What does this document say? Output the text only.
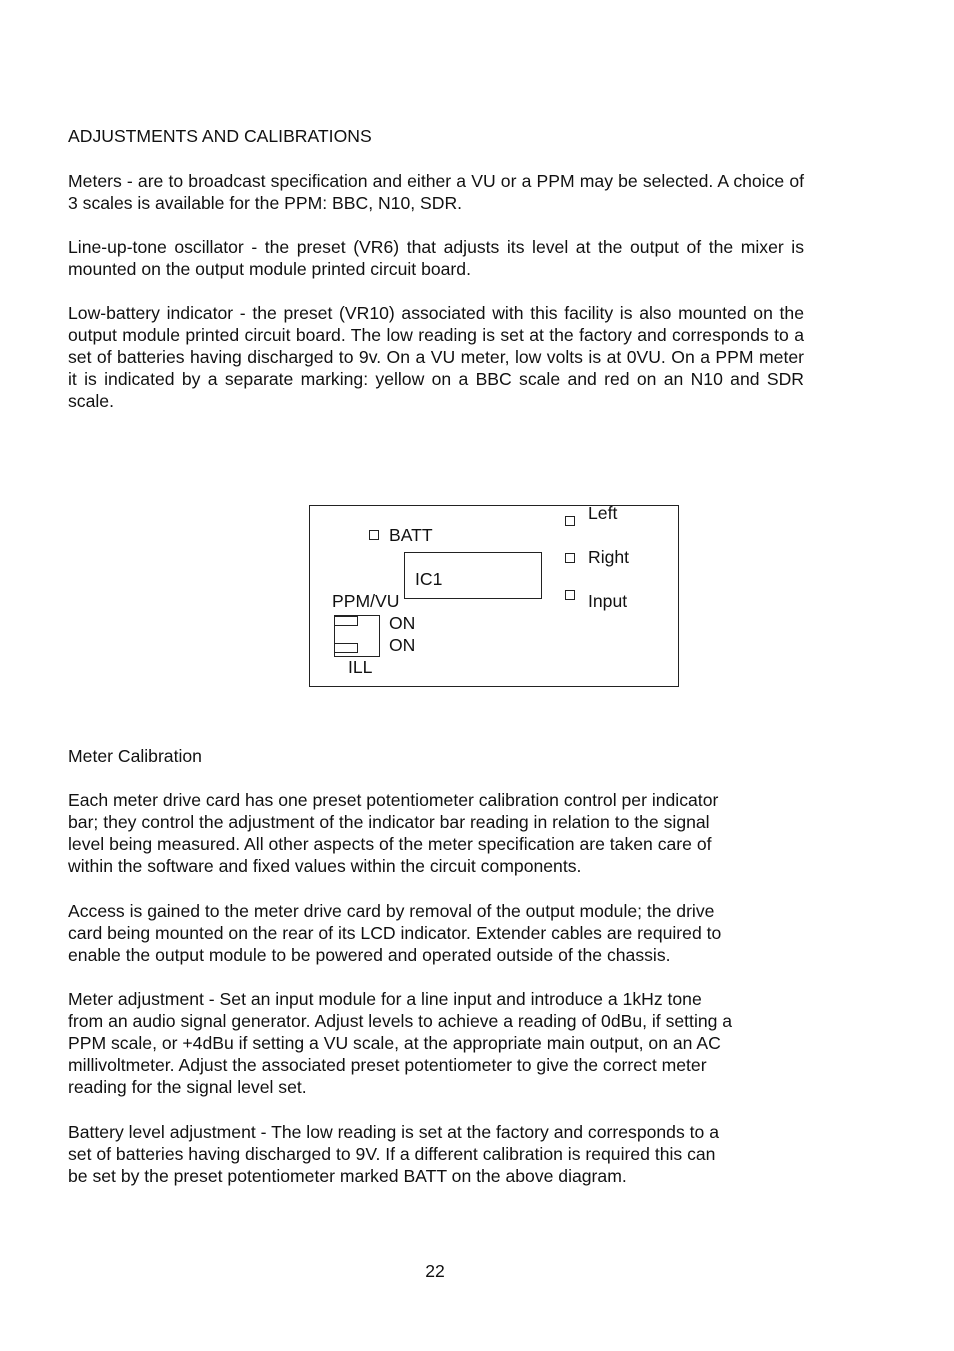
ADJUSTMENTS AND CALIBRATIONS

Meters - are to broadcast specification and either a VU or a PPM may be selected. A choice of 3 scales is available for the PPM: BBC, N10, SDR.

Line-up-tone oscillator - the preset (VR6) that adjusts its level at the output of the mixer is mounted on the output module printed circuit board.

Low-battery indicator - the preset (VR10) associated with this facility is also mounted on the output module printed circuit board. The low reading is set at the factory and corresponds to a set of batteries having discharged to 9v. On a VU meter, low volts is at 0VU. On a PPM meter it is indicated by a separate marking: yellow on a BBC scale and red on an N10 and SDR scale.

BATT
IC1
PPM/VU
ON
ON
ILL
Left
Right
Input
Meter Calibration
Each meter drive card has one preset potentiometer calibration control per indicator
bar; they control the adjustment of the indicator bar reading in relation to the signal
level being measured. All other aspects of the meter specification are taken care of
within the software and fixed values within the circuit components.
Access is gained to the meter drive card by removal of the output module; the drive
card being mounted on the rear of its LCD indicator. Extender cables are required to
enable the output module to be powered and operated outside of the chassis.
Meter adjustment - Set an input module for a line input and introduce a 1kHz tone
from an audio signal generator. Adjust levels to achieve a reading of 0dBu, if setting a
PPM scale, or +4dBu if setting a VU scale, at the appropriate main output, on an AC
millivoltmeter. Adjust the associated preset potentiometer to give the correct meter
reading for the signal level set.
Battery level adjustment - The low reading is set at the factory and corresponds to a
set of batteries having discharged to 9V. If a different calibration is required this can
be set by the preset potentiometer marked BATT on the above diagram.
22
